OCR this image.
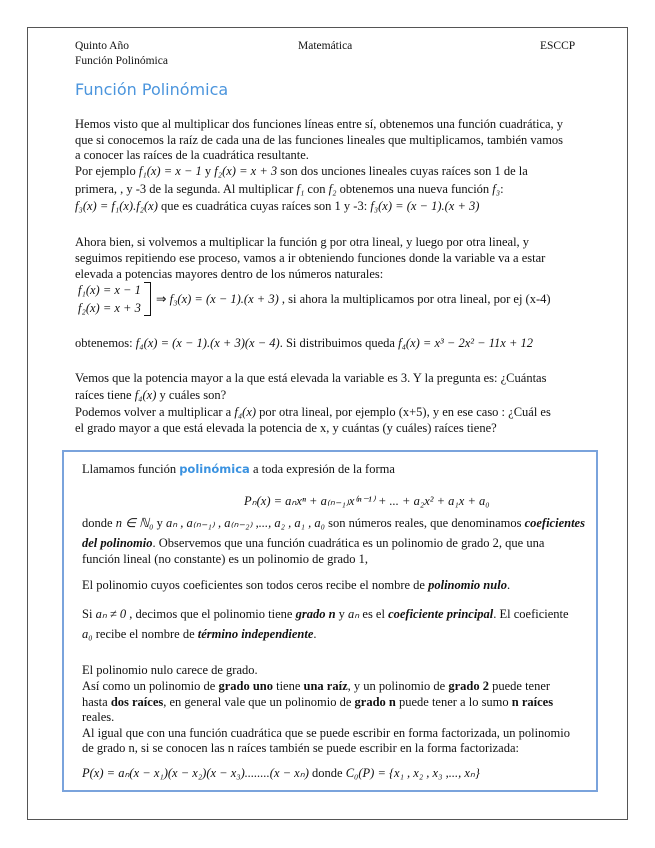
Quinto Año
Función Polinómica
Matemática	ESCCP
Función Polinómica
Hemos visto que al multiplicar dos funciones líneas entre sí, obtenemos una función cuadrática, y
que si conocemos la raíz de cada una de las funciones lineales que multiplicamos, también vamos
a conocer las raíces de la cuadrática resultante.
Por ejemplo f₁(x) = x − 1 y f₂(x) = x + 3 son dos unciones lineales cuyas raíces son 1 de la
primera, , y -3 de la segunda. Al multiplicar f₁ con f₂ obtenemos una nueva función f₃:
f₃(x) = f₁(x).f₂(x) que es cuadrática cuyas raíces son 1 y -3: f₃(x) = (x − 1).(x + 3)
Ahora bien, si volvemos a multiplicar la función g por otra lineal, y luego por otra lineal, y
seguimos repitiendo ese proceso, vamos a ir obteniendo funciones donde la variable va a estar
elevada a potencias mayores dentro de los números naturales:
f₁(x) = x − 1
f₂(x) = x + 3
⇒ f₃(x) = (x − 1).(x + 3) , si ahora la multiplicamos por otra lineal, por ej (x-4)
obtenemos: f₄(x) = (x − 1).(x + 3)(x − 4). Si distribuimos queda f₄(x) = x³ − 2x² − 11x + 12
Vemos que la potencia mayor a la que está elevada la variable es 3. Y la pregunta es: ¿Cuántas
raíces tiene f₄(x) y cuáles son?
Podemos volver a multiplicar a f₄(x) por otra lineal, por ejemplo (x+5), y en ese caso : ¿Cuál es
el grado mayor a que está elevada la potencia de x, y cuántas (y cuáles) raíces tiene?
Llamamos función polinómica a toda expresión de la forma
Pₙ(x) = aₙxⁿ + a₍ₙ₋₁₎x⁽ⁿ⁻¹⁾ + ... + a₂x² + a₁x + a₀
donde n ∈ ℕ₀ y aₙ , a₍ₙ₋₁₎ , a₍ₙ₋₂₎ ,..., a₂ , a₁ , a₀ son números reales, que denominamos coeficientes
del polinomio. Observemos que una función cuadrática es un polinomio de grado 2, que una
función lineal (no constante) es un polinomio de grado 1,
El polinomio cuyos coeficientes son todos ceros recibe el nombre de polinomio nulo.
Si aₙ ≠ 0 , decimos que el polinomio tiene grado n y aₙ es el coeficiente principal. El coeficiente
a₀ recibe el nombre de término independiente.
El polinomio nulo carece de grado.
Así como un polinomio de grado uno tiene una raíz, y un polinomio de grado 2 puede tener
hasta dos raíces, en general vale que un polinomio de grado n puede tener a lo sumo n raíces
reales.
Al igual que con una función cuadrática que se puede escribir en forma factorizada, un polinomio
de grado n, si se conocen las n raíces también se puede escribir en la forma factorizada:
P(x) = aₙ(x − x₁)(x − x₂)(x − x₃)........(x − xₙ) donde C₀(P) = {x₁ , x₂ , x₃ ,..., xₙ}
